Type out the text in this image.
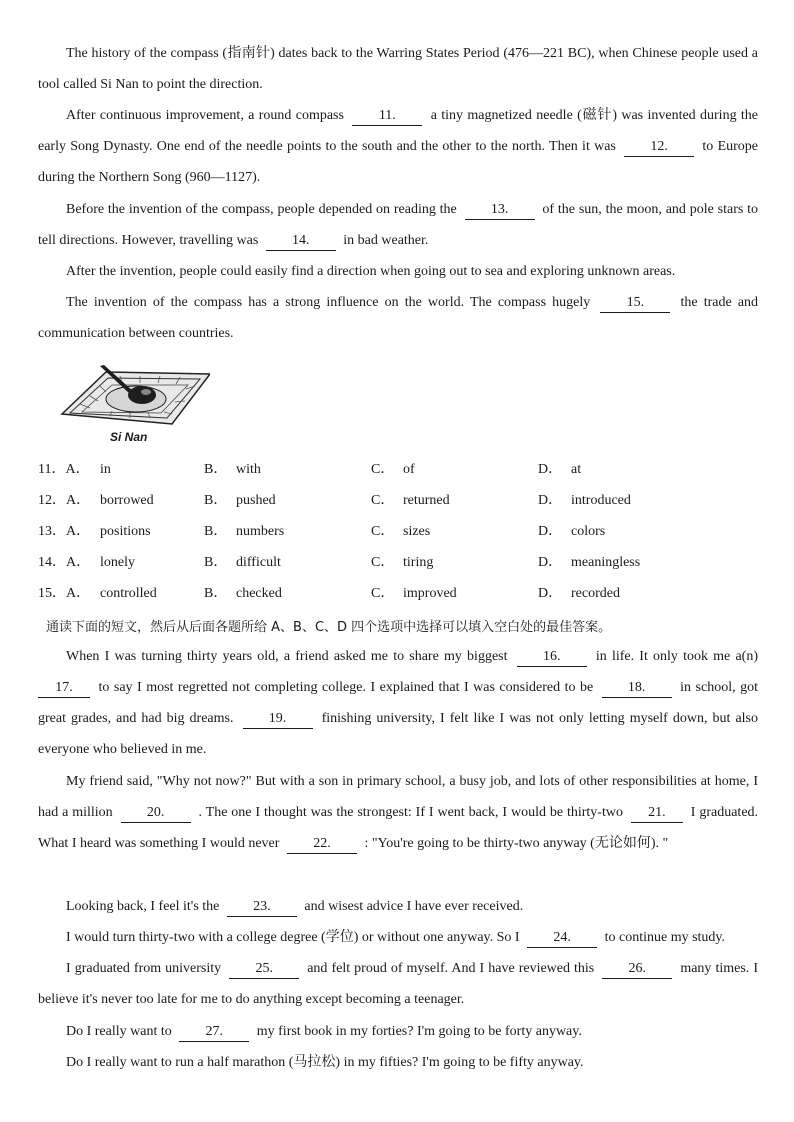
The history of the compass (指南针) dates back to the Warring States Period (476—221 BC), when Chinese people used a tool called Si Nan to point the direction.
After continuous improvement, a round compass 11. a tiny magnetized needle (磁针) was invented during the early Song Dynasty. One end of the needle points to the south and the other to the north. Then it was 12. to Europe during the Northern Song (960—1127).
Before the invention of the compass, people depended on reading the 13. of the sun, the moon, and pole stars to tell directions. However, travelling was 14. in bad weather.
After the invention, people could easily find a direction when going out to sea and exploring unknown areas.
The invention of the compass has a strong influence on the world. The compass hugely	15.	the trade and communication between countries.
Si Nan
11．A． in	B． with	C． of	D． at
12．A． borrowed	B． pushed	C． returned	D． introduced
13．A． positions	B． numbers	C． sizes	D． colors
14．A． lonely	B． difficult	C． tiring	D． meaningless
15．A． controlled	B． checked	C． improved	D． recorded
通读下面的短文，然后从后面各题所给 A、B、C、D 四个选项中选择可以填入空白处的最佳答案。
When I was turning thirty years old, a friend asked me to share my biggest	16.	in life. It only took me a(n) 17. to say I most regretted not completing college. I explained that I was considered to be 18. in school, got great grades, and had big dreams.	19.	finishing university, I felt like I was not only letting myself down, but also everyone who believed in me.
My friend said, "Why not now?" But with a son in primary school, a busy job, and lots of other responsibilities at home, I had a million 20. . The one I thought was the strongest: If I went back, I would be thirty-two 21. I graduated. What I heard was something I would never 22. : "You're going to be thirty-two anyway (无论如何). "
Looking back, I feel it's the 23. and wisest advice I have ever received.
I would turn thirty-two with a college degree (学位) or without one anyway. So I 24. to continue my study.
I graduated from university 25. and felt proud of myself. And I have reviewed this 26. many times. I believe it's never too late for me to do anything except becoming a teenager.
Do I really want to 27. my first book in my forties? I'm going to be forty anyway.
Do I really want to run a half marathon (马拉松) in my fifties? I'm going to be fifty anyway.
